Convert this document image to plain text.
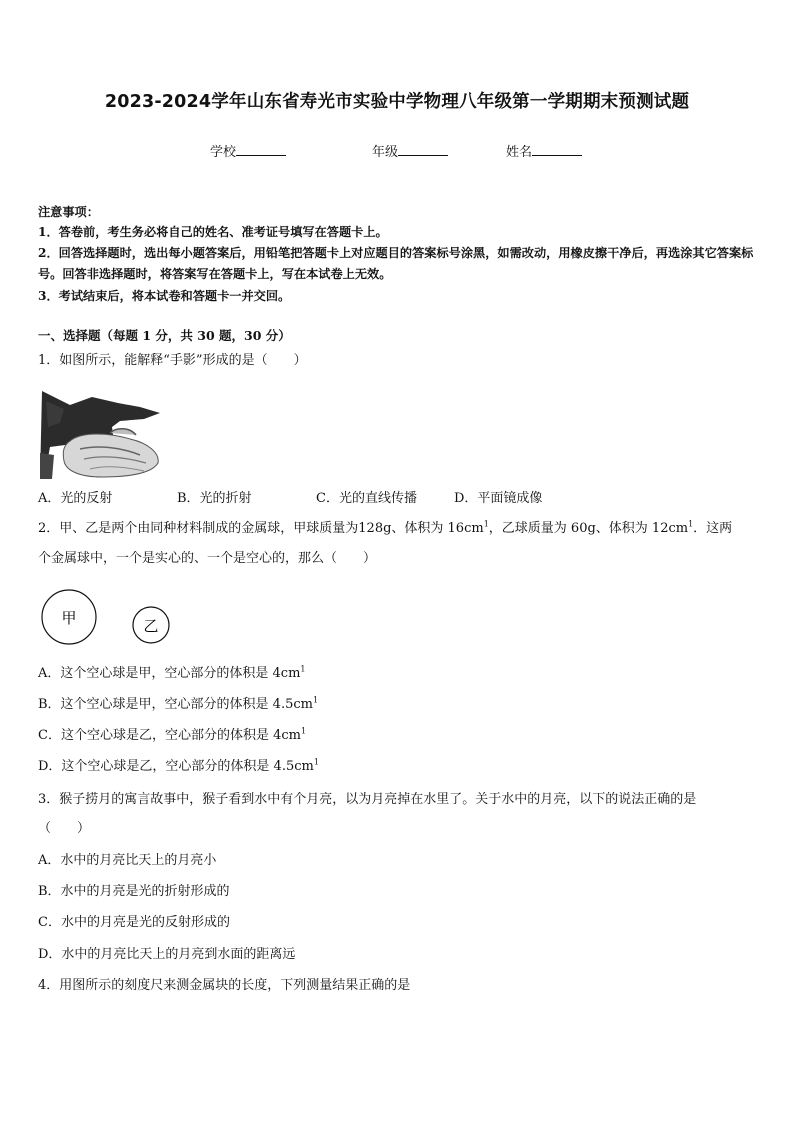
2023-2024学年山东省寿光市实验中学物理八年级第一学期期末预测试题
学校	年级	姓名
注意事项：
1．答卷前，考生务必将自己的姓名、准考证号填写在答题卡上。
2．回答选择题时，选出每小题答案后，用铅笔把答题卡上对应题目的答案标号涂黑，如需改动，用橡皮擦干净后，再选涂其它答案标号。回答非选择题时，将答案写在答题卡上，写在本试卷上无效。
3．考试结束后，将本试卷和答题卡一并交回。
一、选择题（每题 1 分，共 30 题，30 分）
1．如图所示，能解释“手影”形成的是（　　）
A．光的反射	B．光的折射	C．光的直线传播	D．平面镜成像
2．甲、乙是两个由同种材料制成的金属球，甲球质量为128g、体积为 $16cm^1$，乙球质量为 60g、体积为 $12cm^1$．这两
个金属球中，一个是实心的、一个是空心的，那么（　　）
甲	乙
A．这个空心球是甲，空心部分的体积是 $4cm^1$
B．这个空心球是甲，空心部分的体积是 $4.5cm^1$
C．这个空心球是乙，空心部分的体积是 $4cm^1$
D．这个空心球是乙，空心部分的体积是 $4.5cm^1$
3．猴子捞月的寓言故事中，猴子看到水中有个月亮，以为月亮掉在水里了。关于水中的月亮，以下的说法正确的是
（　　）
A．水中的月亮比天上的月亮小
B．水中的月亮是光的折射形成的
C．水中的月亮是光的反射形成的
D．水中的月亮比天上的月亮到水面的距离远
4．用图所示的刻度尺来测金属块的长度，下列测量结果正确的是
